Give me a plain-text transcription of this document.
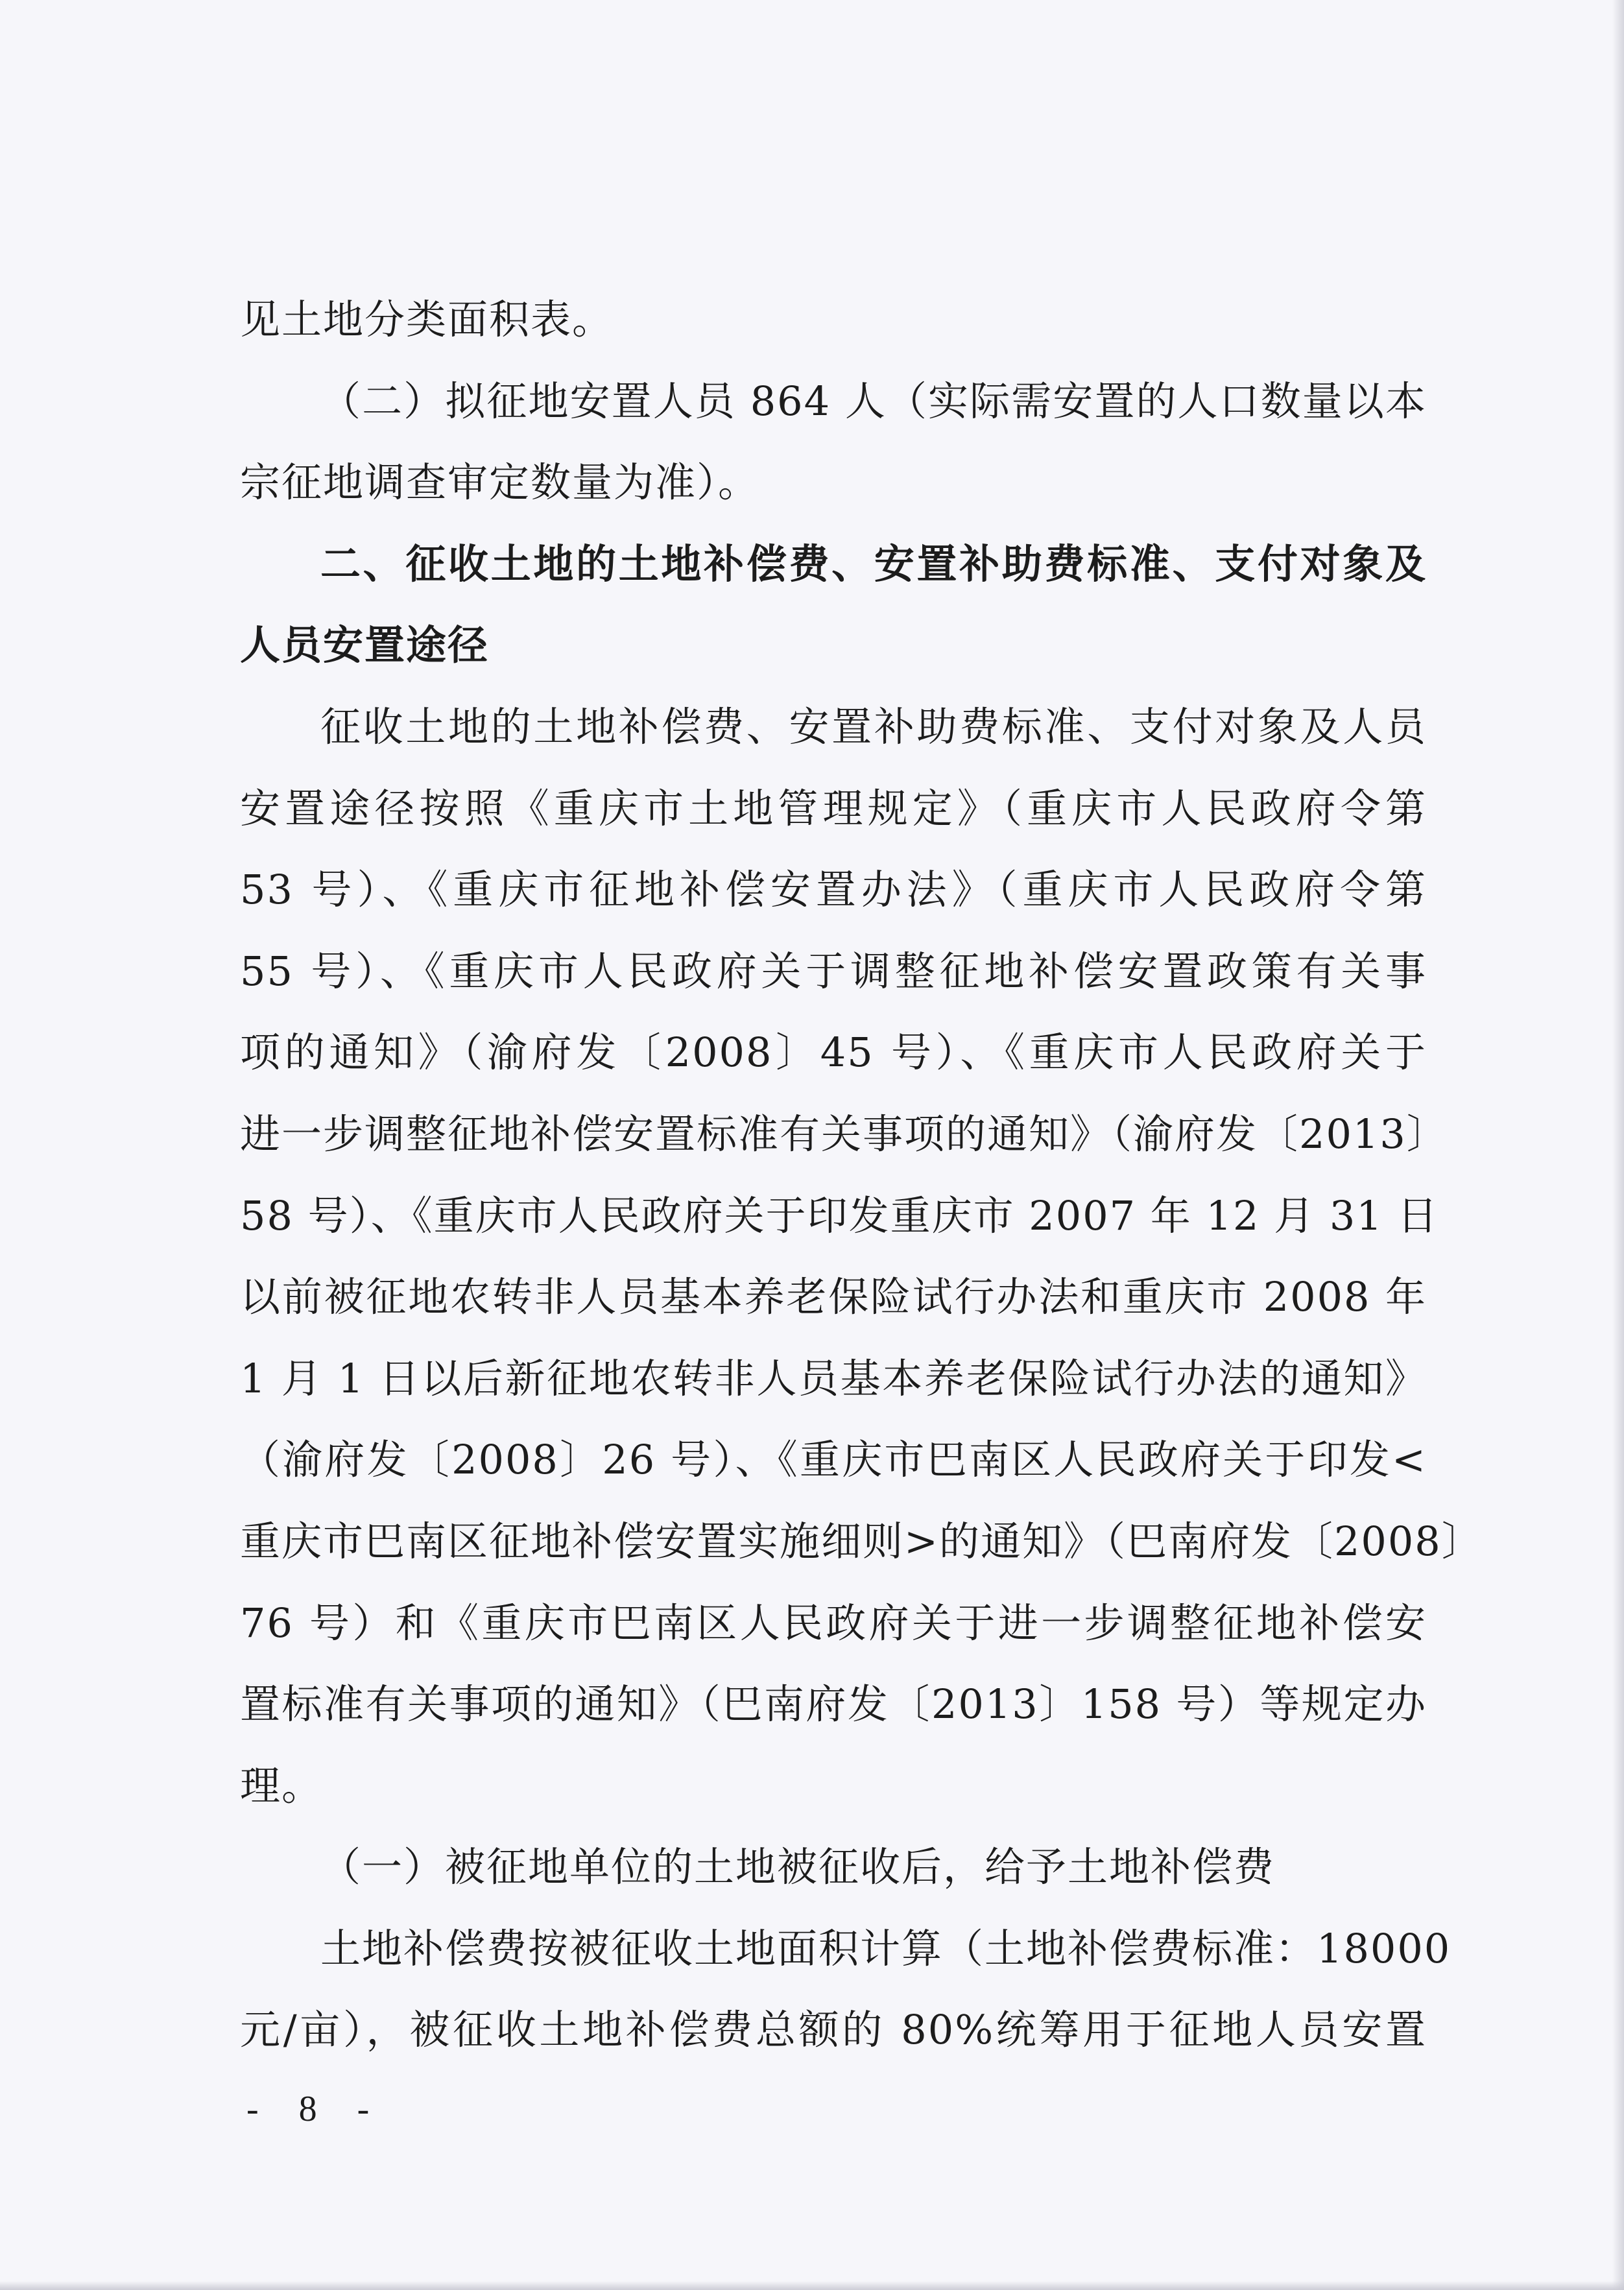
见土地分类面积表。
（二）拟征地安置人员 864 人（实际需安置的人口数量以本
宗征地调查审定数量为准）。
二、征收土地的土地补偿费、安置补助费标准、支付对象及
人员安置途径
征收土地的土地补偿费、安置补助费标准、支付对象及人员
安置途径按照《重庆市土地管理规定》（重庆市人民政府令第
53 号）、《重庆市征地补偿安置办法》（重庆市人民政府令第
55 号）、《重庆市人民政府关于调整征地补偿安置政策有关事
项的通知》（渝府发〔2008〕45 号）、《重庆市人民政府关于
进一步调整征地补偿安置标准有关事项的通知》（渝府发〔2013〕
58 号）、《重庆市人民政府关于印发重庆市 2007 年 12 月 31 日
以前被征地农转非人员基本养老保险试行办法和重庆市 2008 年
1 月 1 日以后新征地农转非人员基本养老保险试行办法的通知》
（渝府发〔2008〕26 号）、《重庆市巴南区人民政府关于印发<
重庆市巴南区征地补偿安置实施细则>的通知》（巴南府发〔2008〕
76 号）和《重庆市巴南区人民政府关于进一步调整征地补偿安
置标准有关事项的通知》（巴南府发〔2013〕158 号）等规定办
理。
（一）被征地单位的土地被征收后，给予土地补偿费
土地补偿费按被征收土地面积计算（土地补偿费标准：18000
元/亩），被征收土地补偿费总额的 80%统筹用于征地人员安置
- 8 -
